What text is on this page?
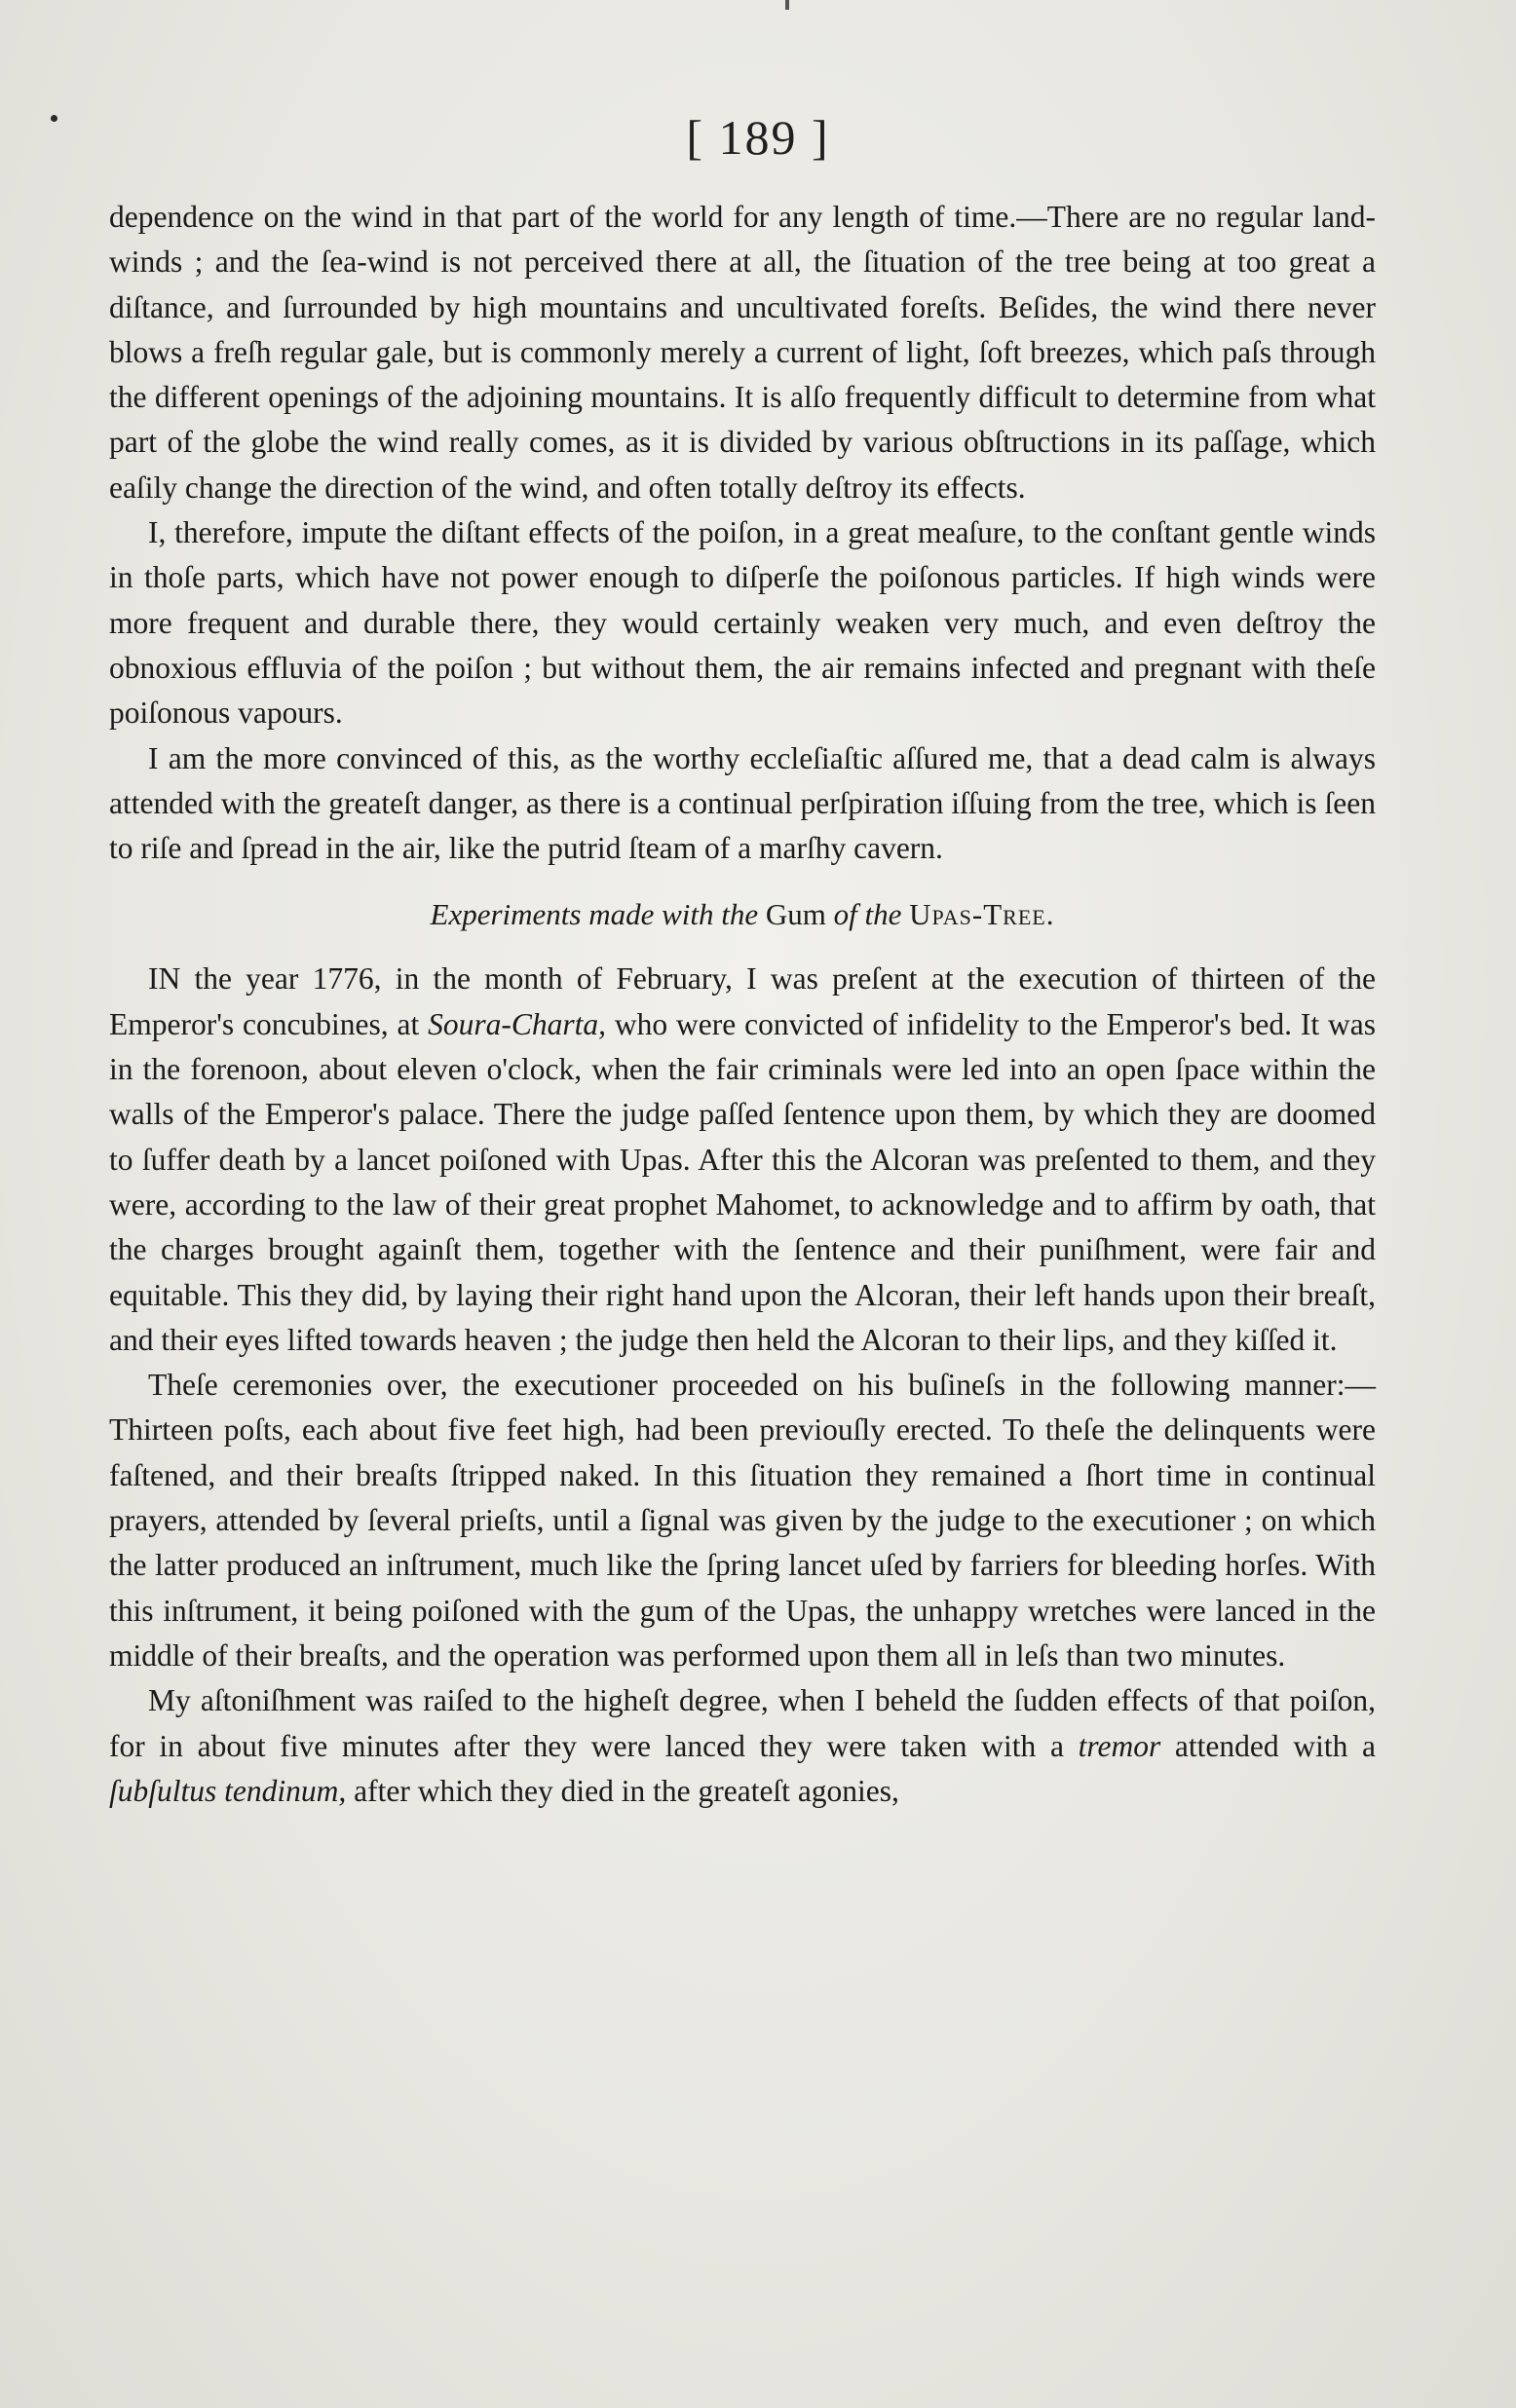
[ 189 ]

dependence on the wind in that part of the world for any length of time.—There are no regular land-winds ; and the ſea-wind is not perceived there at all, the ſituation of the tree being at too great a diſtance, and ſurrounded by high mountains and uncultivated foreſts. Beſides, the wind there never blows a freſh regular gale, but is commonly merely a current of light, ſoft breezes, which paſs through the different openings of the adjoining mountains. It is alſo frequently difficult to determine from what part of the globe the wind really comes, as it is divided by various obſtructions in its paſſage, which eaſily change the direction of the wind, and often totally deſtroy its effects.

I, therefore, impute the diſtant effects of the poiſon, in a great meaſure, to the conſtant gentle winds in thoſe parts, which have not power enough to diſperſe the poiſonous particles. If high winds were more frequent and durable there, they would certainly weaken very much, and even deſtroy the obnoxious effluvia of the poiſon ; but without them, the air remains infected and pregnant with theſe poiſonous vapours.

I am the more convinced of this, as the worthy eccleſiaſtic aſſured me, that a dead calm is always attended with the greateſt danger, as there is a continual perſpiration iſſuing from the tree, which is ſeen to riſe and ſpread in the air, like the putrid ſteam of a marſhy cavern.

Experiments made with the Gum of the Upas-Tree.

IN the year 1776, in the month of February, I was preſent at the execution of thirteen of the Emperor's concubines, at Soura-Charta, who were convicted of infidelity to the Emperor's bed. It was in the forenoon, about eleven o'clock, when the fair criminals were led into an open ſpace within the walls of the Emperor's palace. There the judge paſſed ſentence upon them, by which they are doomed to ſuffer death by a lancet poiſoned with Upas. After this the Alcoran was preſented to them, and they were, according to the law of their great prophet Mahomet, to acknowledge and to affirm by oath, that the charges brought againſt them, together with the ſentence and their puniſhment, were fair and equitable. This they did, by laying their right hand upon the Alcoran, their left hands upon their breaſt, and their eyes lifted towards heaven ; the judge then held the Alcoran to their lips, and they kiſſed it.

Theſe ceremonies over, the executioner proceeded on his buſineſs in the following manner:—Thirteen poſts, each about five feet high, had been previouſly erected. To theſe the delinquents were faſtened, and their breaſts ſtripped naked. In this ſituation they remained a ſhort time in continual prayers, attended by ſeveral prieſts, until a ſignal was given by the judge to the executioner ; on which the latter produced an inſtrument, much like the ſpring lancet uſed by farriers for bleeding horſes. With this inſtrument, it being poiſoned with the gum of the Upas, the unhappy wretches were lanced in the middle of their breaſts, and the operation was performed upon them all in leſs than two minutes.

My aſtoniſhment was raiſed to the higheſt degree, when I beheld the ſudden effects of that poiſon, for in about five minutes after they were lanced they were taken with a tremor attended with a ſubſultus tendinum, after which they died in the greateſt agonies,
